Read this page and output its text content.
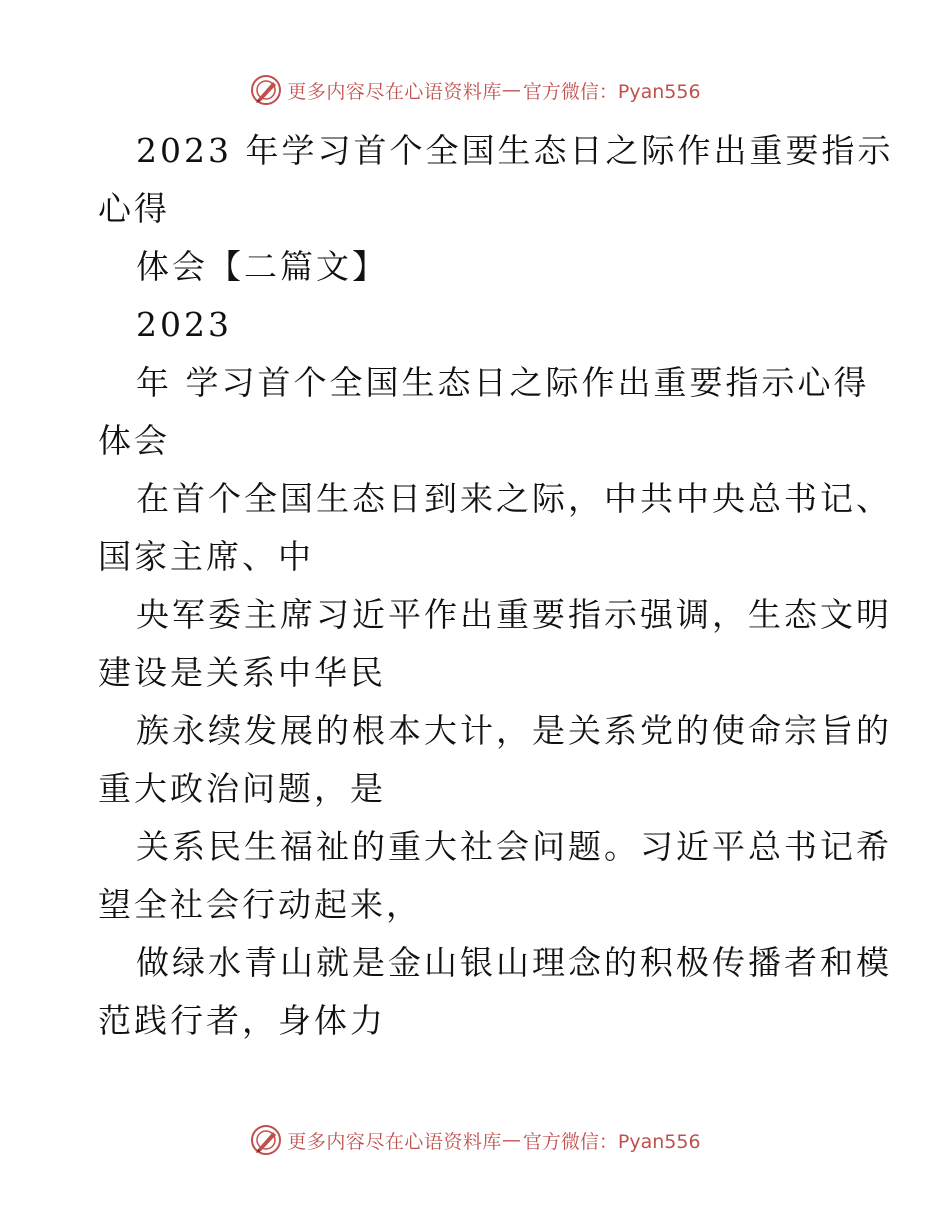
更多内容尽在心语资料库 — 官方微信：Pyan556

2023 年学习首个全国生态日之际作出重要指示

心得

体会【二篇文】

2023

年 学习首个全国生态日之际作出重要指示心得

体会

在首个全国生态日到来之际，中共中央总书记、

国家主席、中

央军委主席习近平作出重要指示强调，生态文明

建设是关系中华民

族永续发展的根本大计，是关系党的使命宗旨的

重大政治问题，是

关系民生福祉的重大社会问题。习近平总书记希

望全社会行动起来，

做绿水青山就是金山银山理念的积极传播者和模

范践行者，身体力

更多内容尽在心语资料库 — 官方微信：Pyan556
